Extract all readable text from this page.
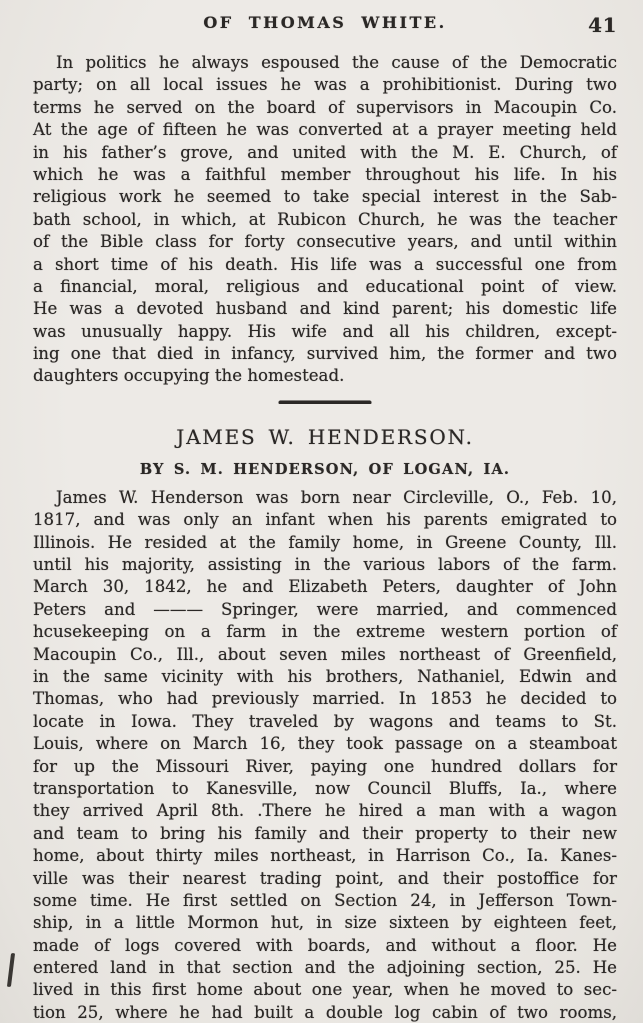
OF THOMAS WHITE.	41
In politics he always espoused the cause of the Democratic
party; on all local issues he was a prohibitionist. During two
terms he served on the board of supervisors in Macoupin Co.
At the age of fifteen he was converted at a prayer meeting held
in his father’s grove, and united with the M. E. Church, of
which he was a faithful member throughout his life. In his
religious work he seemed to take special interest in the Sab-
bath school, in which, at Rubicon Church, he was the teacher
of the Bible class for forty consecutive years, and until within
a short time of his death. His life was a successful one from
a financial, moral, religious and educational point of view.
He was a devoted husband and kind parent; his domestic life
was unusually happy. His wife and all his children, except-
ing one that died in infancy, survived him, the former and two
daughters occupying the homestead.
JAMES W. HENDERSON.
BY S. M. HENDERSON, OF LOGAN, IA.
James W. Henderson was born near Circleville, O., Feb. 10,
1817, and was only an infant when his parents emigrated to
Illinois. He resided at the family home, in Greene County, Ill.
until his majority, assisting in the various labors of the farm.
March 30, 1842, he and Elizabeth Peters, daughter of John
Peters and ——— Springer, were married, and commenced
hcusekeeping on a farm in the extreme western portion of
Macoupin Co., Ill., about seven miles northeast of Greenfield,
in the same vicinity with his brothers, Nathaniel, Edwin and
Thomas, who had previously married. In 1853 he decided to
locate in Iowa. They traveled by wagons and teams to St.
Louis, where on March 16, they took passage on a steamboat
for up the Missouri River, paying one hundred dollars for
transportation to Kanesville, now Council Bluffs, Ia., where
they arrived April 8th. .There he hired a man with a wagon
and team to bring his family and their property to their new
home, about thirty miles northeast, in Harrison Co., Ia. Kanes-
ville was their nearest trading point, and their postoffice for
some time. He first settled on Section 24, in Jefferson Town-
ship, in a little Mormon hut, in size sixteen by eighteen feet,
made of logs covered with boards, and without a floor. He
entered land in that section and the adjoining section, 25. He
lived in this first home about one year, when he moved to sec-
tion 25, where he had built a double log cabin of two rooms,
